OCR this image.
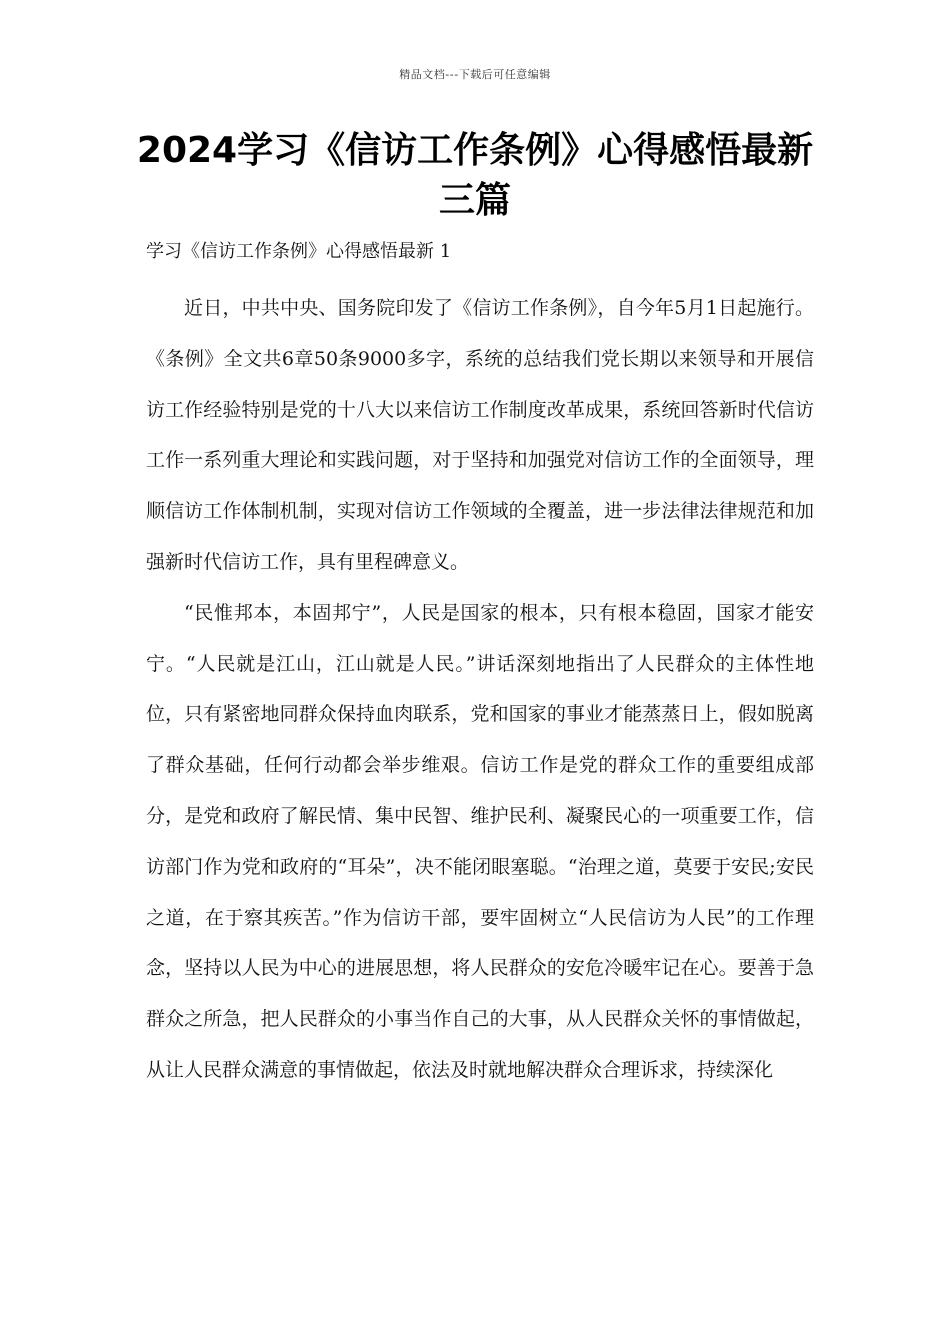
精品文档---下载后可任意编辑
2024学习《信访工作条例》心得感悟最新三篇
学习《信访工作条例》心得感悟最新 1

近日，中共中央、国务院印发了《信访工作条例》，自今年5月1日起施行。《条例》全文共6章50条9000多字，系统的总结我们党长期以来领导和开展信访工作经验特别是党的十八大以来信访工作制度改革成果，系统回答新时代信访工作一系列重大理论和实践问题，对于坚持和加强党对信访工作的全面领导，理顺信访工作体制机制，实现对信访工作领域的全覆盖，进一步法律法律规范和加强新时代信访工作，具有里程碑意义。

“民惟邦本，本固邦宁”，人民是国家的根本，只有根本稳固，国家才能安宁。“人民就是江山，江山就是人民。”讲话深刻地指出了人民群众的主体性地位，只有紧密地同群众保持血肉联系，党和国家的事业才能蒸蒸日上，假如脱离了群众基础，任何行动都会举步维艰。信访工作是党的群众工作的重要组成部分，是党和政府了解民情、集中民智、维护民利、凝聚民心的一项重要工作，信访部门作为党和政府的“耳朵”，决不能闭眼塞聪。“治理之道，莫要于安民;安民之道，在于察其疾苦。”作为信访干部，要牢固树立“人民信访为人民”的工作理念，坚持以人民为中心的进展思想，将人民群众的安危冷暖牢记在心。要善于急群众之所急，把人民群众的小事当作自己的大事，从人民群众关怀的事情做起，从让人民群众满意的事情做起，依法及时就地解决群众合理诉求，持续深化
